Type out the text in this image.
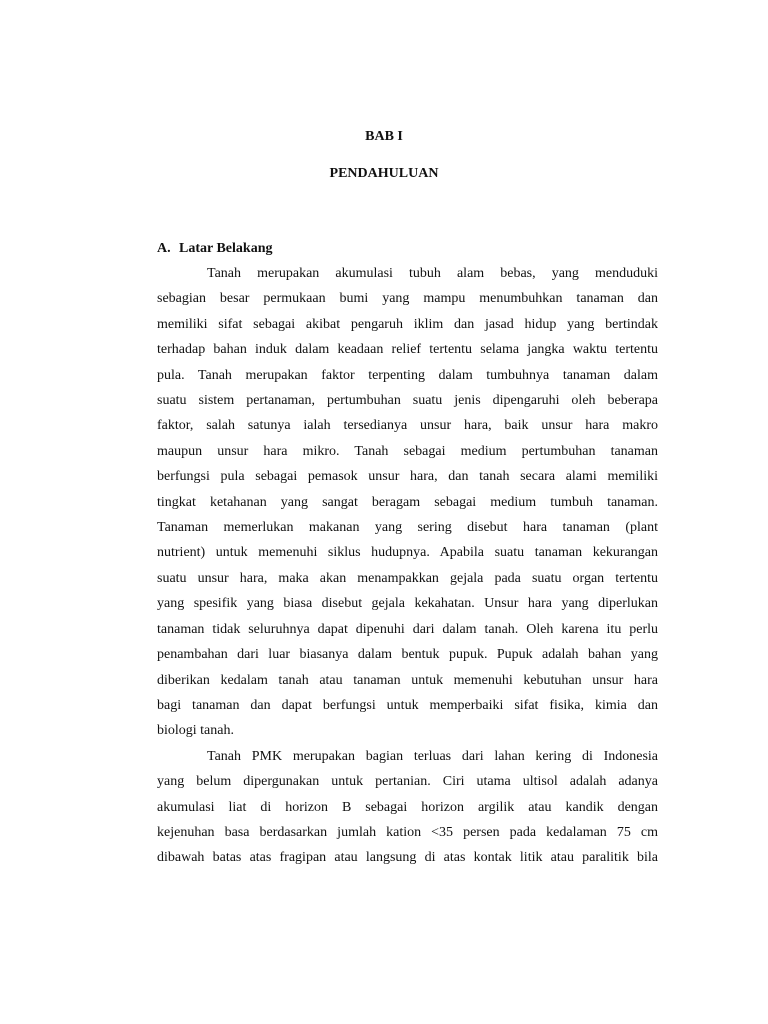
BAB I
PENDAHULUAN
A. Latar Belakang
Tanah merupakan akumulasi tubuh alam bebas, yang menduduki
sebagian besar permukaan bumi yang mampu menumbuhkan tanaman dan
memiliki sifat sebagai akibat pengaruh iklim dan jasad hidup yang bertindak
terhadap bahan induk dalam keadaan relief tertentu selama jangka waktu tertentu
pula. Tanah merupakan faktor terpenting dalam tumbuhnya tanaman dalam
suatu sistem pertanaman, pertumbuhan suatu jenis dipengaruhi oleh beberapa
faktor, salah satunya ialah tersedianya unsur hara, baik unsur hara makro
maupun unsur hara mikro. Tanah sebagai medium pertumbuhan tanaman
berfungsi pula sebagai pemasok unsur hara, dan tanah secara alami memiliki
tingkat ketahanan yang sangat beragam sebagai medium tumbuh tanaman.
Tanaman memerlukan makanan yang sering disebut hara tanaman (plant
nutrient) untuk memenuhi siklus hudupnya. Apabila suatu tanaman kekurangan
suatu unsur hara, maka akan menampakkan gejala pada suatu organ tertentu
yang spesifik yang biasa disebut gejala kekahatan. Unsur hara yang diperlukan
tanaman tidak seluruhnya dapat dipenuhi dari dalam tanah. Oleh karena itu perlu
penambahan dari luar biasanya dalam bentuk pupuk. Pupuk adalah bahan yang
diberikan kedalam tanah atau tanaman untuk memenuhi kebutuhan unsur hara
bagi tanaman dan dapat berfungsi untuk memperbaiki sifat fisika, kimia dan
biologi tanah.
Tanah PMK merupakan bagian terluas dari lahan kering di Indonesia
yang belum dipergunakan untuk pertanian. Ciri utama ultisol adalah adanya
akumulasi liat di horizon B sebagai horizon argilik atau kandik dengan
kejenuhan basa berdasarkan jumlah kation <35 persen pada kedalaman 75 cm
dibawah batas atas fragipan atau langsung di atas kontak litik atau paralitik bila
